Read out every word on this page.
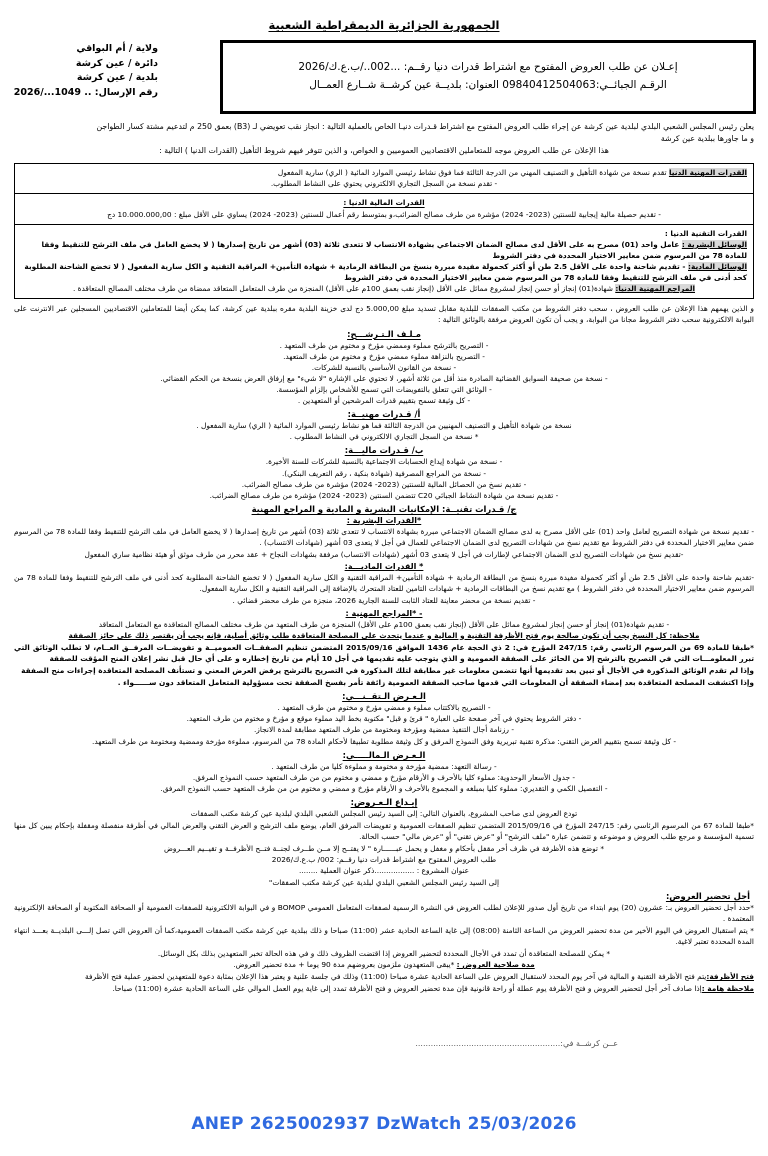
الجمهورية الجزائرية الديمقراطية الشعبية
ولاية / أم البواقي
دائرة / عين كرشة
بلدية / عين كرشة
رقم الإرسال: .. 1049.../2026
إعـلان عن طلب العروض المفتوح مع اشتراط قدرات دنيا رقــم: ...002../ب.ع.ك/2026
الرقـم الجبائــي:09840412504063 العنوان: بلديــة عين كرشــة شــارع العمــال
يعلن رئيس المجلس الشعبي البلدي لبلدية عين كرشة عن إجراء طلب العروض المفتوح مع اشتراط قـدرات دنيـا الخاص بالعملية التالية : انجاز نقب تعويضي لـ (B3) بعمق 250 م لتدعيم مشتة كسار الطواجن
و ما جاورها ببلدية عين كرشة
هذا الإعلان عن طلب العروض موجه للمتعاملين الاقتصاديين العموميين و الخواص، و الذين تتوفر فيهم شروط التأهيل (القدرات الدنيا ) التالية :
القدرات المهنية الدنيا تقدم نسخة من شهادة التأهيل و التصنيف المهني من الدرجة الثالثة فما فوق نشاط رئيسي الموارد المائية ( الري) سارية المفعول
- تقدم نسخة من السجل التجاري الالكتروني يحتوي على النشاط المطلوب.
القدرات المالية الدنيا :
- تقديم حصيلة مالية إيجابية للسنتين (2023- 2024) مؤشرة من طرف مصالح الضرائب،و بمتوسط رقم أعمال للسنتين (2023- 2024) يساوي على الأقل مبلغ : 10.000.000,00 دج
القدرات التقنية الدنيا :
الوسائل البشرية : عامل واحد (01) مصرح به على الأقل لدى مصالح الضمان الاجتماعي بشهادة الانتساب لا تتعدى ثلاثة (03) أشهر من تاريخ إصدارها ( لا يخضع العامل في ملف الترشح للتنقيط وفقا للمادة 78 من المرسوم ضمن معايير الاختيار المحددة في دفتر الشروط
الوسائل المادية: - تقديم شاحنة واحدة على الأقل 2.5 طن أو أكثر كحمولة مفيدة مبررة بنسخ من البطاقة الرمادية + شهادة التأمين+ المراقبة التقنية و الكل سارية المفعول ( لا تخضع الشاحنة المطلوبة كحد أدنى في ملف الترشح للتنقيط وفقا للمادة 78 من المرسوم ضمن معايير الاختيار المحددة في دفتر الشروط
المراجع المهنية الدنيا: شهادة(01) إنجاز أو حسن إنجاز لمشروع مماثل على الأقل (إنجاز نقب بعمق 100م على الأقل) المنجزة من طرف المتعامل المتعاقد ممضاة من طرف مختلف المصالح المتعاقدة .
و الذين يهمهم هذا الإعلان عن طلب العروض ، سحب دفتر الشروط من مكتب الصفقات للبلدية مقابل تسديد مبلغ 5.000,00 دج لدى خزينة البلدية مقره ببلدية عين كرشة، كما يمكن أيضا للمتعاملين الاقتصاديين المسجلين عبر الانترنت على البوابة الالكترونية سحب دفتر الشروط مجانا من البوابة، و يجب أن تكون العروض مرفقة بالوثائق التالية :
مـلـف الـتـرشـــح:
- التصريح بالترشح مملوء وممضي مؤرخ و مختوم من طرف المتعهد .
- التصريح بالنزاهة مملوء ممضي مؤرخ و مختوم من طرف المتعهد.
- نسخة من القانون الأساسي بالنسبة للشركات.
- نسخة من صحيفة السوابق القضائية الصادرة منذ أقل من ثلاثة أشهر، لا تحتوي على الإشارة "لا شيء" مع إرفاق العرض بنسخة من الحكم القضائي.
- الوثائق التي تتعلق بالتفويضات التي تسمح للأشخاص بإلزام المؤسسة.
- كل وثيقة تسمح بتقييم قدرات المرشحين أو المتعهدين .
أ/ قـدرات مهنيــة:
نسخة من شهادة التأهيل و التصنيف المهنيين من الدرجة الثالثة فما هو نشاط رئيسي الموارد المائية ( الري) سارية المفعول .
* نسخة من السجل التجاري الالكتروني في النشاط المطلوب .
ب/ قـدرات ماليـــة:
- نسخة من شهادة إيداع الحسابات الاجتماعية بالنسبة للشركات للسنة الأخيرة.
- نسخة من المراجع المصرفية (شهادة بنكية ، رقم التعريف البنكي).
- تقديم نسخ من الحصائل المالية للسنتين (2023- 2024) مؤشرة من طرف مصالح الضرائب.
- تقديم نسخة من شهادة النشاط الجبائي C20 تتضمن السنتين (2023- 2024) مؤشرة من طرف مصالح الضرائب.
ج/ قـدرات تقنيــة: الإمكانيات البشرية و المادية و المراجع المهنية
*القدرات البشرية :
- تقديم نسخة من شهادة التصريح لعامل واحد (01) على الأقل مصرح به لدى مصالح الضمان الاجتماعي مبررة بشهادة الانتساب لا تتعدى ثلاثة (03) أشهر من تاريخ إصدارها ( لا يخضع العامل في ملف الترشح للتنقيط وفقا للمادة 78 من المرسوم ضمن معايير الاختيار المحددة في دفتر الشروط مع تقديم نسخ من شهادات التصريح لدى الضمان الاجتماعي للعمال في أجل لا يتعدى 03 أشهر (شهادات الانتساب) .
-تقديم نسخ من شهادات التصريح لدى الضمان الاجتماعي لإطارات في أجل لا يتعدى 03 أشهر (شهادات الانتساب) مرفقة بشهادات النجاح + عقد محرر من طرف موثق أو هيئة نظامية ساري المفعول
* القدرات الماديـــة:
-تقديم شاحنة واحدة على الأقل 2.5 طن أو أكثر كحمولة مفيدة مبررة بنسخ من البطاقة الرمادية + شهادة التأمين+ المراقبة التقنية و الكل سارية المفعول ( لا تخضع الشاحنة المطلوبة كحد أدنى في ملف الترشح للتنقيط وفقا للمادة 78 من المرسوم ضمن معايير الاختيار المحددة في دفتر الشروط ) مع تقديم نسخ من البطاقات الرمادية + شهادات التامين للعتاد المتحرك بالإضافة إلى المراقبة التقنية و الكل سارية المفعول.
- تقديم نسخة من محضر معاينة للعتاد الثابت للسنة الجارية 2026، منجزة من طرف محضر قضائي .
- *المراجع المهنية :
- تقديم شهادة(01) إنجاز أو حسن إنجاز لمشروع مماثل على الأقل (إنجاز نقب بعمق 100م على الأقل) المنجزة من طرف المتعهد من طرف مختلف المصالح المتعاقدة مع المتعامل المتعاقد
ملاحظة: كل النسخ يجب أن تكون صالحة يوم فتح الأظرفة التقنية و المالية و عندما يتحدث على المصلحة المتعاقدة طلب وثائق أصلية، فإنه يجب أن يقتصر ذلك على حائز الصفقة
*طبقا للمادة 69 من المرسوم الرئاسي رقم: 247/15 المؤرخ في: 2 ذي الحجة عام 1436 الموافق 2015/09/16 المتضمن تنظيم الصفقــات العموميــة و تفويضــات المرفــق العــام، لا تطلب الوثائق التي تبرر المعلومـــات التي في التصريح بالترشح إلا من الحائز على الصفقة العمومية و الذي يتوجب عليه تقديمها في أجل 10 أيام من تاريخ إخطاره و على أي حال قبل نشر إعلان المنح المؤقت للصفقة
وإذا لم تقدم الوثائق المذكورة في الأجال أو تبين بعد تقديمها أنها تتضمن معلومات غير مطابقة لتلك المذكورة في التصريح بالترشح يرفض العرض المعني و تستأنف المصلحة المتعاقدة إجراءات منح الصفقة
وإذا اكتشفت المصلحة المتعاقدة بعد إمضاء الصفقة أن المعلومات التي قدمها صاحب الصفقة العمومية زائفة تأمر بفسخ الصفقة تحت مسؤولية المتعامل المتعاقد دون ســــــواء .
الـعـرض الـتقــنـــي:
- التصريح بالاكتتاب مملوء و ممضي مؤرخ و مختوم من طرف المتعهد .
- دفتر الشروط يحتوي في آخر صفحة على العبارة " قرئ و قبل" مكتوبة بخط اليد مملوء موقع و مؤرخ و مختوم من طرف المتعهد.
- رزنامة أجال التنفيذ ممضية ومؤرخة ومختومة من طرف المتعهد مطابقة لمدة الانجاز.
- كل وثيقة تسمح بتقييم العرض التقني: مذكرة تقنية تبريرية وفق النموذج المرفق و كل وثيقة مطلوبة تطبيقا لأحكام المادة 78 من المرسوم، مملوءة مؤرخة وممضية ومختومة من طرف المتعهد.
الـعـرض الـمالـــــي:
- رسالة التعهد: ممضية مؤرخة و مختومة و مملوءة كليا من طرف المتعهد .
- جدول الأسعار الوحدوية: مملوء كليا بالأحرف و الأرقام مؤرخ و ممضي و مختوم من من طرف المتعهد حسب النموذج المرفق.
- التفصيل الكمي و التقديري: مملوء كليا بمبلغه و المجموع بالأحرف و الأرقام مؤرخ و ممضي و مختوم من من طرف المتعهد حسب النموذج المرفق.
إيـداع الـعـروض:
تودع العروض لدى صاحب المشروع، بالعنوان التالي: إلى السيد رئيس المجلس الشعبي البلدي لبلدية عين كرشة مكتب الصفقات
*طبقا للمادة 67 من المرسوم الرئاسي رقم: 247/15 المؤرخ في 2015/09/16 المتضمن تنظيم الصفقات العمومية و تفويضات المرفق العام، يوضع ملف الترشح و العرض التقني والعرض المالي في أظرفة منفصلة ومقفلة بإحكام يبين كل منها تسمية المؤسسة و مرجع طلب العروض و موضوعه و تتضمن عبارة "ملف الترشح" أو "عرض تقني" أو "عرض مالي" حسب الحالة.
* توضع هذه الأظرفة في ظرف أخر مقفل بأحكام و مغفل و يحمل عبــــــارة " لا يفتــح إلا مــن طــرف لجنــة فتــح الأظرفــة و تقيــيم العـــروض
طلب العروض المفتوح مع اشتراط قدرات دنيا رقــم: 002/ ب.ع.ك/2026
عنوان المشروع : .................ذكر عنوان العملية ........
إلى السيد رئيس المجلس الشعبي البلدي لبلدية عين كرشة مكتب الصفقات"
أجل تحضير العروض:
*حدد أجل تحضير العروض بـ: عشرون (20) يوم ابتداء من تاريخ أول صدور للإعلان لطلب العروض في النشرة الرسمية لصفقات المتعامل العمومي BOMOP و في البوابة الالكترونية للصفقات العمومية أو الصحافة المكتوبة أو الصحافة الإلكترونية المعتمدة .
* يتم استقبال العروض في اليوم الأخير من مدة تحضير العروض من الساعة الثامنة (08:00) إلى غاية الساعة الحادية عشر (11:00) صباحا و ذلك ببلدية عين كرشة مكتب الصفقات العمومية،كما أن العروض التي تصل إلـــى البلديــة بعـــد انتهاء المدة المحددة تعتبر لاغية.
* يمكن للمصلحة المتعاقدة أن تمدد في الأجال المحددة لتحضير العروض إذا اقتضت الظروف ذلك و في هذه الحالة تخبر المتعهدين بذلك بكل الوسائل.
مدة صلاحية العروض : *يبقى المتعهدون ملزمون بعروضهم مدة 90 يوما + مدة تحضير العروض.
فتح الأظرفة:يتم فتح الأظرفة التقنية و المالية في آخر يوم المحدد لاستقبال العروض على الساعة الحادية عشرة صباحا (11:00) وذلك في جلسة علنية و يعتبر هذا الإعلان بمثابة دعوة للمتعهدين لحضور عملية فتح الأظرفة
ملاحظة هامة :إذا صادف آخر أجل لتحضير العروض و فتح الأظرفة يوم عطلة أو راحة قانونية فإن مدة تحضير العروض و فتح الأظرفة تمدد إلى غاية يوم العمل الموالي على الساعة الحادية عشرة (11:00) صباحا.
عــن كرشــة في:.........................................................
ANEP 2625002937 DzWatch 25/03/2026
